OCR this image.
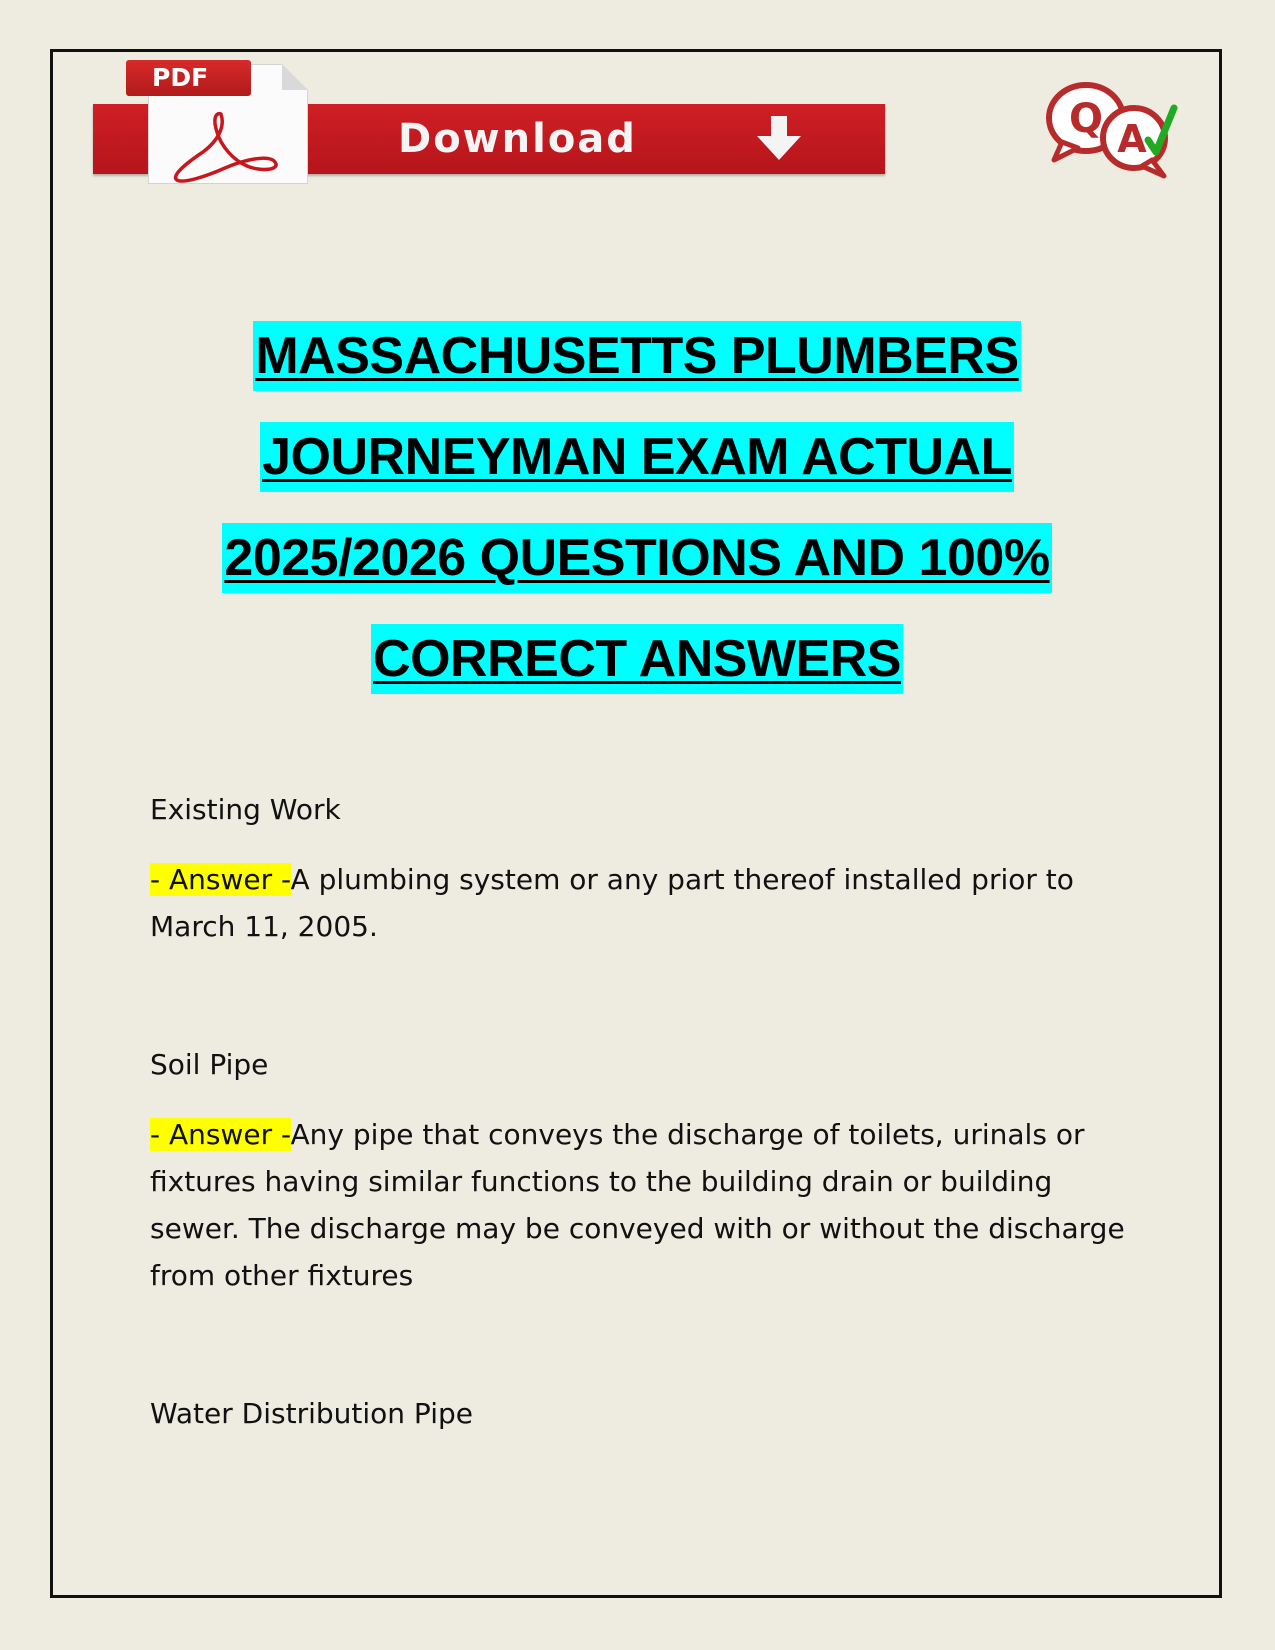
Download
PDF
Q A
MASSACHUSETTS PLUMBERS
JOURNEYMAN EXAM ACTUAL
2025/2026 QUESTIONS AND 100%
CORRECT ANSWERS

Existing Work

- Answer -A plumbing system or any part thereof installed prior to March 11, 2005.

Soil Pipe

- Answer -Any pipe that conveys the discharge of toilets, urinals or fixtures having similar functions to the building drain or building sewer. The discharge may be conveyed with or without the discharge from other fixtures

Water Distribution Pipe
